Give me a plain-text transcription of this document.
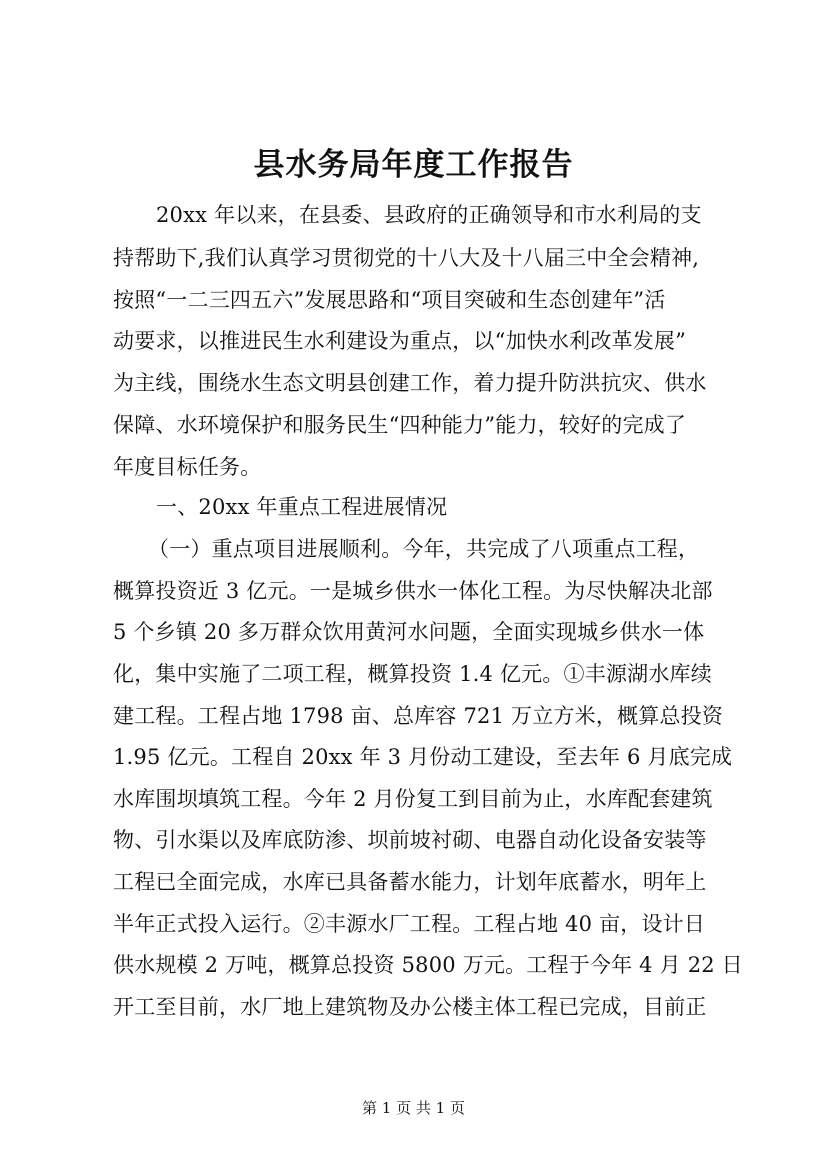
县水务局年度工作报告
20xx 年以来，在县委、县政府的正确领导和市水利局的支
持帮助下,我们认真学习贯彻党的十八大及十八届三中全会精神,
按照“一二三四五六”发展思路和“项目突破和生态创建年”活
动要求，以推进民生水利建设为重点，以“加快水利改革发展”
为主线，围绕水生态文明县创建工作，着力提升防洪抗灾、供水
保障、水环境保护和服务民生“四种能力”能力，较好的完成了
年度目标任务。
一、20xx 年重点工程进展情况
（一）重点项目进展顺利。今年，共完成了八项重点工程，
概算投资近 3 亿元。一是城乡供水一体化工程。为尽快解决北部
5 个乡镇 20 多万群众饮用黄河水问题，全面实现城乡供水一体
化，集中实施了二项工程，概算投资 1.4 亿元。①丰源湖水库续
建工程。工程占地 1798 亩、总库容 721 万立方米，概算总投资
1.95 亿元。工程自 20xx 年 3 月份动工建设，至去年 6 月底完成
水库围坝填筑工程。今年 2 月份复工到目前为止，水库配套建筑
物、引水渠以及库底防渗、坝前坡衬砌、电器自动化设备安装等
工程已全面完成，水库已具备蓄水能力，计划年底蓄水，明年上
半年正式投入运行。②丰源水厂工程。工程占地 40 亩，设计日
供水规模 2 万吨，概算总投资 5800 万元。工程于今年 4 月 22 日
开工至目前，水厂地上建筑物及办公楼主体工程已完成，目前正
第 1 页 共 1 页
